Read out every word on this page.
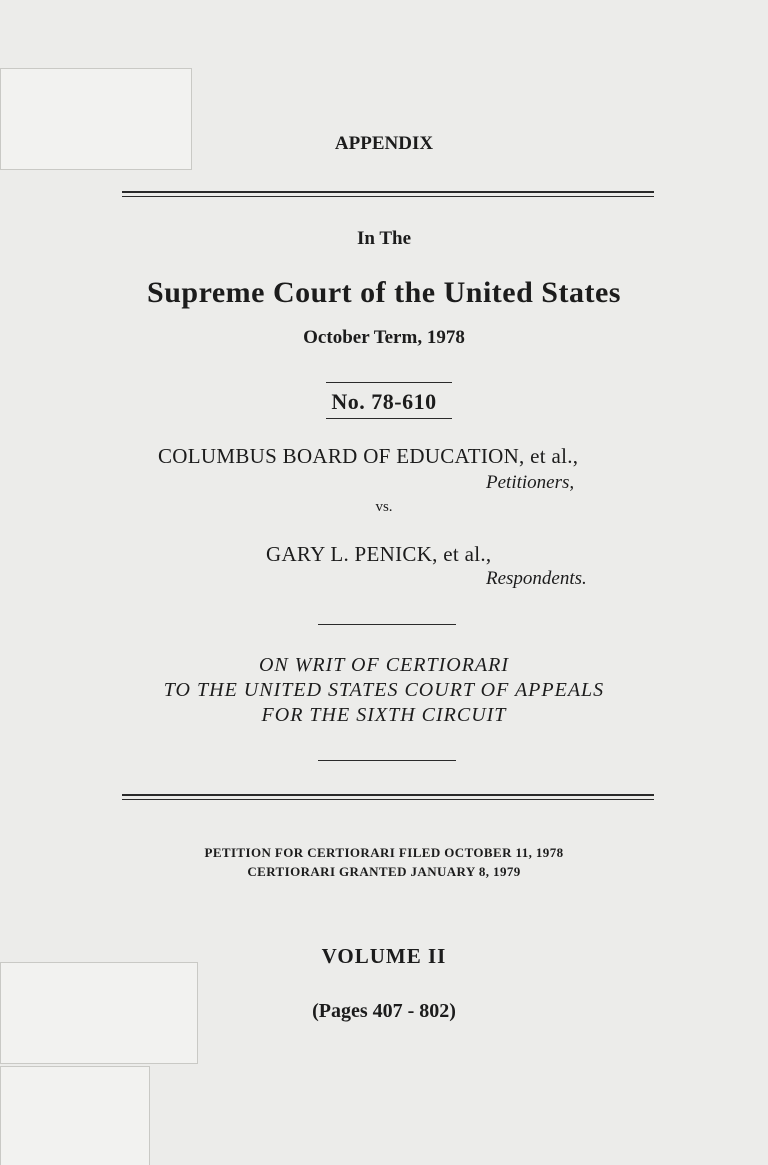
APPENDIX

In The

Supreme Court of the United States

October Term, 1978

No. 78-610

COLUMBUS BOARD OF EDUCATION, et al.,

Petitioners,

vs.

GARY L. PENICK, et al.,

Respondents.

ON WRIT OF CERTIORARI

TO THE UNITED STATES COURT OF APPEALS

FOR THE SIXTH CIRCUIT

PETITION FOR CERTIORARI FILED OCTOBER 11, 1978

CERTIORARI GRANTED JANUARY 8, 1979

VOLUME II

(Pages 407 - 802)
